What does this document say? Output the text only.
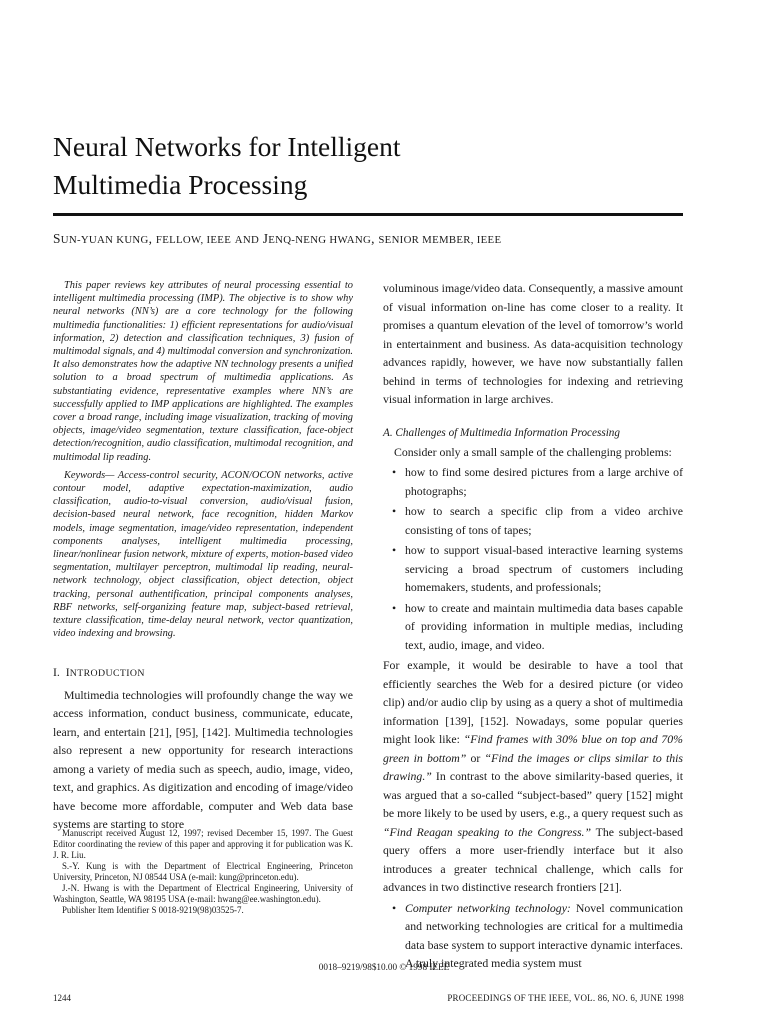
Neural Networks for Intelligent
Multimedia Processing
SUN-YUAN KUNG, FELLOW, IEEE AND JENQ-NENG HWANG, SENIOR MEMBER, IEEE

This paper reviews key attributes of neural processing essential to intelligent multimedia processing (IMP). The objective is to show why neural networks (NN’s) are a core technology for the following multimedia functionalities: 1) efficient representations for audio/visual information, 2) detection and classification techniques, 3) fusion of multimodal signals, and 4) multimodal conversion and synchronization. It also demonstrates how the adaptive NN technology presents a unified solution to a broad spectrum of multimedia applications. As substantiating evidence, representative examples where NN’s are successfully applied to IMP applications are highlighted. The examples cover a broad range, including image visualization, tracking of moving objects, image/video segmentation, texture classification, face-object detection/recognition, audio classification, multimodal recognition, and multimodal lip reading.

Keywords— Access-control security, ACON/OCON networks, active contour model, adaptive expectation-maximization, audio classification, audio-to-visual conversion, audio/visual fusion, decision-based neural network, face recognition, hidden Markov models, image segmentation, image/video representation, independent components analyses, intelligent multimedia processing, linear/nonlinear fusion network, mixture of experts, motion-based video segmentation, multilayer perceptron, multimodal lip reading, neural-network technology, object classification, object detection, object tracking, personal authentification, principal components analyses, RBF networks, self-organizing feature map, subject-based retrieval, texture classification, time-delay neural network, vector quantization, video indexing and browsing.

I. INTRODUCTION

Multimedia technologies will profoundly change the way we access information, conduct business, communicate, educate, learn, and entertain [21], [95], [142]. Multimedia technologies also represent a new opportunity for research interactions among a variety of media such as speech, audio, image, video, text, and graphics. As digitization and encoding of image/video have become more affordable, computer and Web data base systems are starting to store

Manuscript received August 12, 1997; revised December 15, 1997. The Guest Editor coordinating the review of this paper and approving it for publication was K. J. R. Liu.

S.-Y. Kung is with the Department of Electrical Engineering, Princeton University, Princeton, NJ 08544 USA (e-mail: kung@princeton.edu).

J.-N. Hwang is with the Department of Electrical Engineering, University of Washington, Seattle, WA 98195 USA (e-mail: hwang@ee.washington.edu).

Publisher Item Identifier S 0018-9219(98)03525-7.

voluminous image/video data. Consequently, a massive amount of visual information on-line has come closer to a reality. It promises a quantum elevation of the level of tomorrow’s world in entertainment and business. As data-acquisition technology advances rapidly, however, we have now substantially fallen behind in terms of technologies for indexing and retrieving visual information in large archives.

A. Challenges of Multimedia Information Processing

Consider only a small sample of the challenging problems:

• how to find some desired pictures from a large archive of photographs;
• how to search a specific clip from a video archive consisting of tons of tapes;
• how to support visual-based interactive learning systems servicing a broad spectrum of customers including homemakers, students, and professionals;
• how to create and maintain multimedia data bases capable of providing information in multiple medias, including text, audio, image, and video.

For example, it would be desirable to have a tool that efficiently searches the Web for a desired picture (or video clip) and/or audio clip by using as a query a shot of multimedia information [139], [152]. Nowadays, some popular queries might look like: “Find frames with 30% blue on top and 70% green in bottom” or “Find the images or clips similar to this drawing.” In contrast to the above similarity-based queries, it was argued that a so-called “subject-based” query [152] might be more likely to be used by users, e.g., a query request such as “Find Reagan speaking to the Congress.” The subject-based query offers a more user-friendly interface but it also introduces a greater technical challenge, which calls for advances in two distinctive research frontiers [21].

• Computer networking technology: Novel communication and networking technologies are critical for a multimedia data base system to support interactive dynamic interfaces. A truly integrated media system must
0018–9219/98$10.00 © 1998 IEEE
1244	PROCEEDINGS OF THE IEEE, VOL. 86, NO. 6, JUNE 1998
